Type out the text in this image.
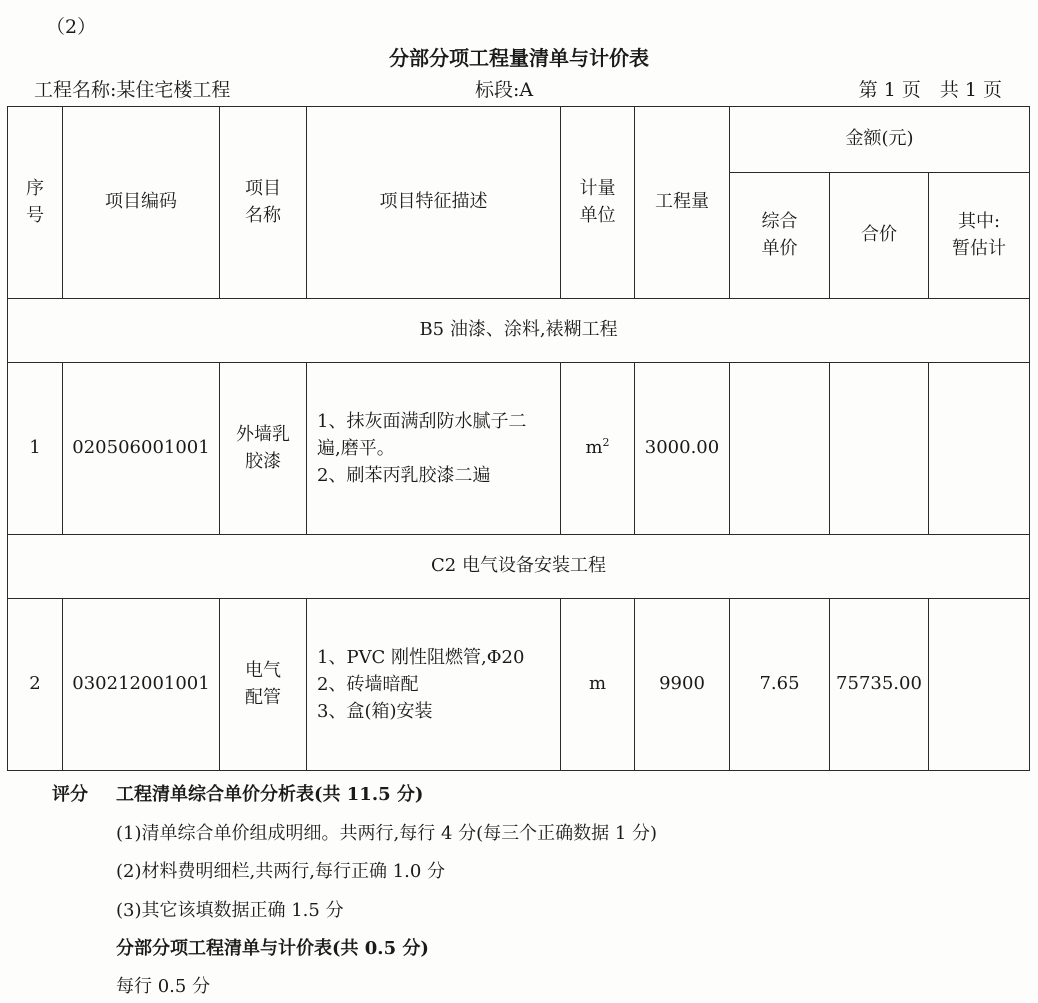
（2）
分部分项工程量清单与计价表
工程名称:某住宅楼工程	标段:A	第 1 页　共 1 页
序号	项目编码	项目名称	项目特征描述	计量单位	工程量	金额(元)		

						综合单价	合价	其中:暂估计

B5 油漆、涂料,裱糊工程								
1	020506001001	外墙乳胶漆	1、抹灰面满刮防水腻子二
遍,磨平。
2、刷苯丙乳胶漆二遍	$m^2$	3000.00			
C2 电气设备安装工程								
2	030212001001	电气配管	1、PVC 刚性阻燃管,Φ20
2、砖墙暗配
3、盒(箱)安装	m	9900	7.65	75735.00	
评分 工程清单综合单价分析表(共 11.5 分)
(1)清单综合单价组成明细。共两行,每行 4 分(每三个正确数据 1 分)
(2)材料费明细栏,共两行,每行正确 1.0 分
(3)其它该填数据正确 1.5 分
分部分项工程清单与计价表(共 0.5 分)
每行 0.5 分
